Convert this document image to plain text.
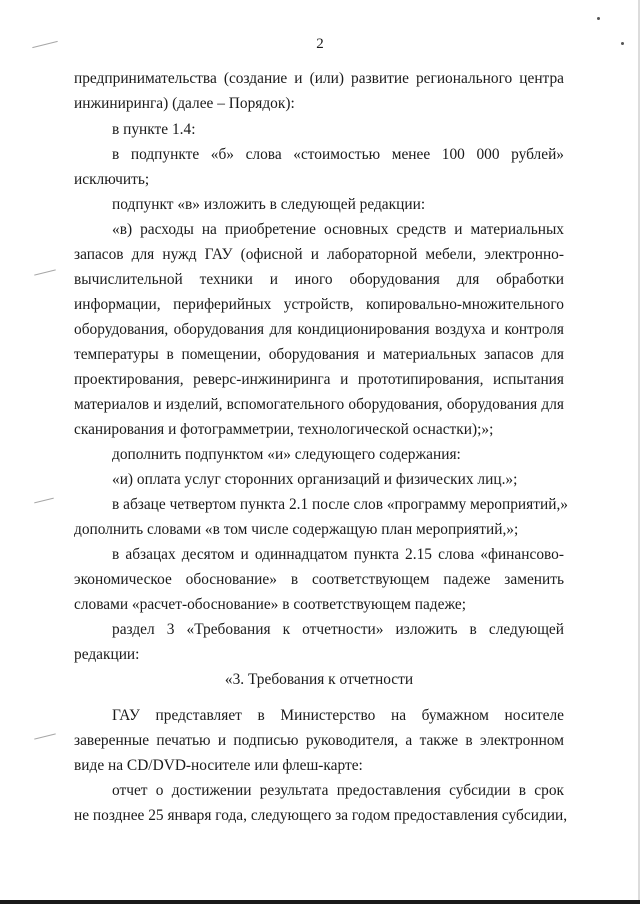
2
предпринимательства (создание и (или) развитие регионального центра
инжиниринга) (далее – Порядок):
в пункте 1.4:
в подпункте «б» слова «стоимостью менее 100 000 рублей»
исключить;
подпункт «в» изложить в следующей редакции:
«в) расходы на приобретение основных средств и материальных
запасов для нужд ГАУ (офисной и лабораторной мебели, электронно-
вычислительной техники и иного оборудования для обработки
информации, периферийных устройств, копировально-множительного
оборудования, оборудования для кондиционирования воздуха и контроля
температуры в помещении, оборудования и материальных запасов для
проектирования, реверс-инжиниринга и прототипирования, испытания
материалов и изделий, вспомогательного оборудования, оборудования для
сканирования и фотограмметрии, технологической оснастки);»;
дополнить подпунктом «и» следующего содержания:
«и) оплата услуг сторонних организаций и физических лиц.»;
в абзаце четвертом пункта 2.1 после слов «программу мероприятий,»
дополнить словами «в том числе содержащую план мероприятий,»;
в абзацах десятом и одиннадцатом пункта 2.15 слова «финансово-
экономическое обоснование» в соответствующем падеже заменить
словами «расчет-обоснование» в соответствующем падеже;
раздел 3 «Требования к отчетности» изложить в следующей
редакции:
«3. Требования к отчетности
ГАУ представляет в Министерство на бумажном носителе
заверенные печатью и подписью руководителя, а также в электронном
виде на CD/DVD-носителе или флеш-карте:
отчет о достижении результата предоставления субсидии в срок
не позднее 25 января года, следующего за годом предоставления субсидии,
